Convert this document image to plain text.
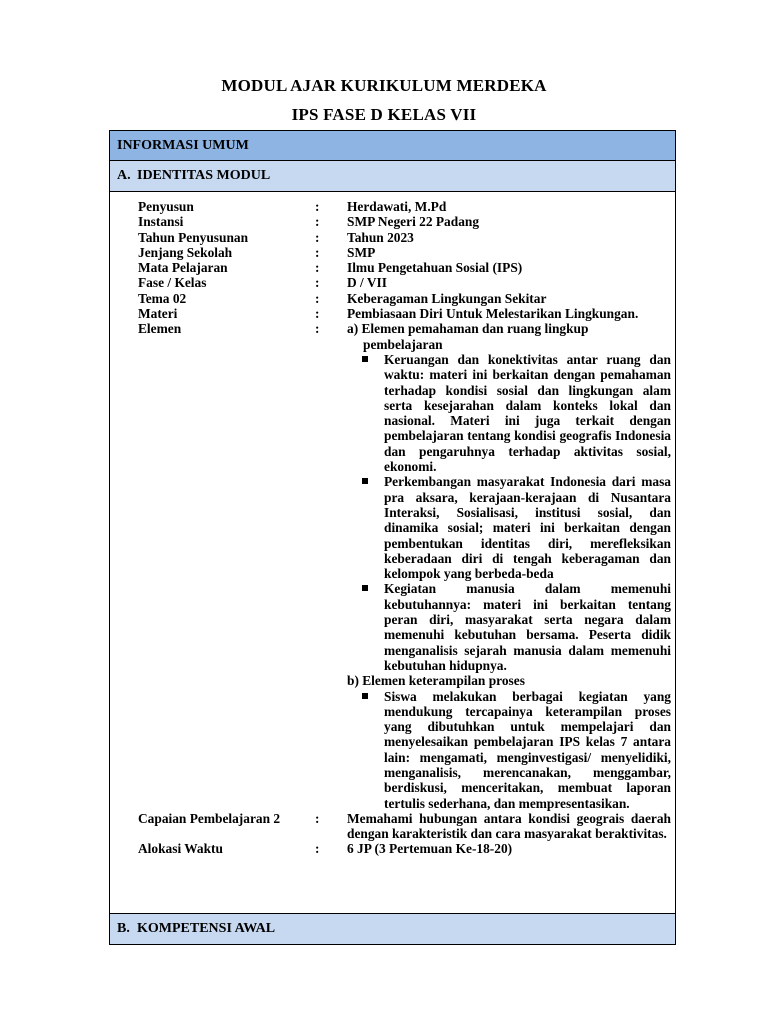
MODUL AJAR KURIKULUM MERDEKA
IPS FASE D KELAS VII
INFORMASI UMUM
A. IDENTITAS MODUL
Penyusun	: Herdawati, M.Pd
Instansi	: SMP Negeri 22 Padang
Tahun Penyusunan	: Tahun 2023
Jenjang Sekolah	: SMP
Mata Pelajaran	: Ilmu Pengetahuan Sosial (IPS)
Fase / Kelas	: D / VII
Tema 02	: Keberagaman Lingkungan Sekitar
Materi	: Pembiasaan Diri Untuk Melestarikan Lingkungan.
Elemen	: a) Elemen pemahaman dan ruang lingkup
pembelajaran
Keruangan dan konektivitas antar ruang dan waktu: materi ini berkaitan dengan pemahaman terhadap kondisi sosial dan lingkungan alam serta kesejarahan dalam konteks lokal dan nasional. Materi ini juga terkait dengan pembelajaran tentang kondisi geografis Indonesia dan pengaruhnya terhadap aktivitas sosial, ekonomi.
Perkembangan masyarakat Indonesia dari masa pra aksara, kerajaan-kerajaan di Nusantara Interaksi, Sosialisasi, institusi sosial, dan dinamika sosial; materi ini berkaitan dengan pembentukan identitas diri, merefleksikan keberadaan diri di tengah keberagaman dan kelompok yang berbeda-beda
Kegiatan manusia dalam memenuhi kebutuhannya: materi ini berkaitan tentang peran diri, masyarakat serta negara dalam memenuhi kebutuhan bersama. Peserta didik menganalisis sejarah manusia dalam memenuhi kebutuhan hidupnya.
b) Elemen keterampilan proses
Siswa melakukan berbagai kegiatan yang mendukung tercapainya keterampilan proses yang dibutuhkan untuk mempelajari dan menyelesaikan pembelajaran IPS kelas 7 antara lain: mengamati, menginvestigasi/ menyelidiki, menganalisis, merencanakan, menggambar, berdiskusi, menceritakan, membuat laporan tertulis sederhana, dan mempresentasikan.
Capaian Pembelajaran 2	: Memahami hubungan antara kondisi geograis daerah dengan karakteristik dan cara masyarakat beraktivitas.
Alokasi Waktu	: 6 JP (3 Pertemuan Ke-18-20)
B. KOMPETENSI AWAL
